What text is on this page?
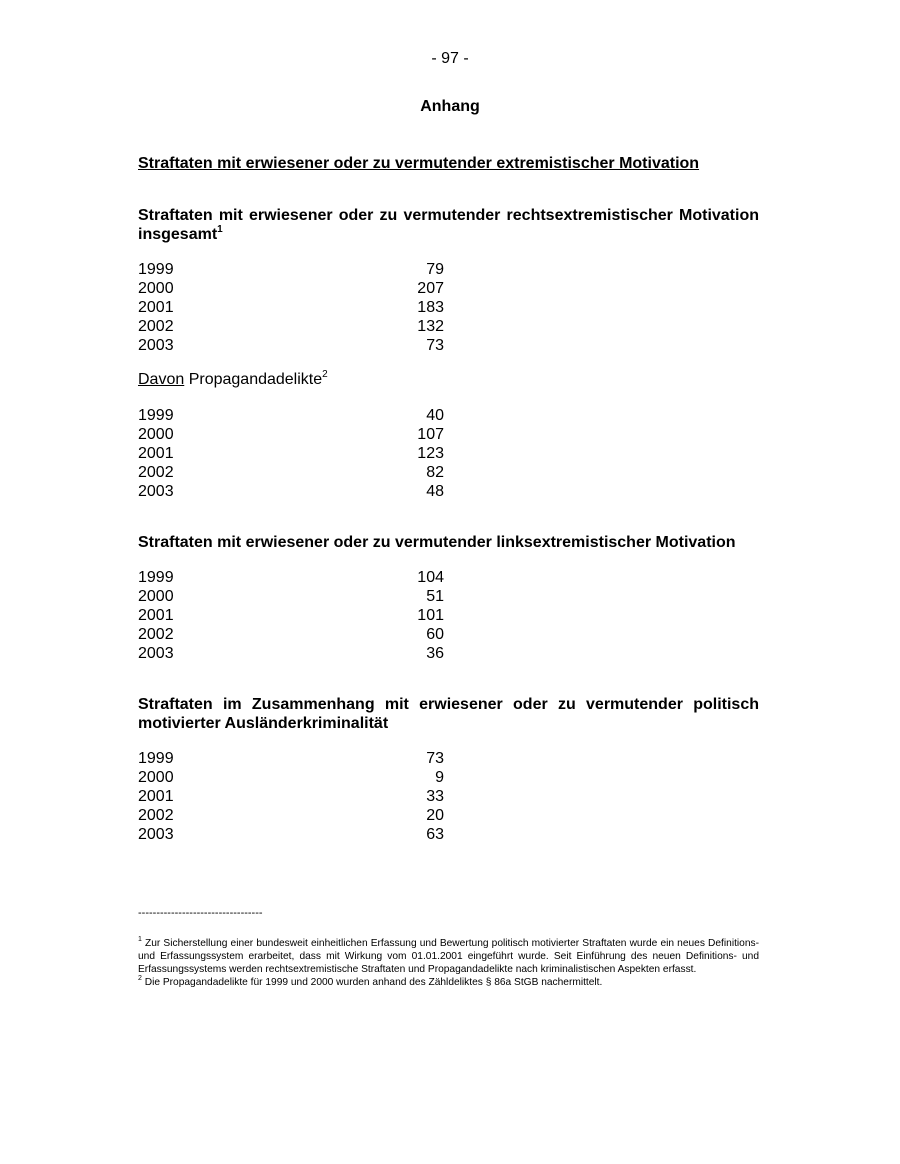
- 97 -
Anhang
Straftaten mit erwiesener oder zu vermutender extremistischer Motivation
Straftaten mit erwiesener oder zu vermutender rechtsextremistischer Motivation insgesamt$^1$
1999	79
2000	207
2001	183
2002	132
2003	73
Davon Propagandadelikte$^2$
1999	40
2000	107
2001	123
2002	82
2003	48
Straftaten mit erwiesener oder zu vermutender linksextremistischer Motivation
1999	104
2000	51
2001	101
2002	60
2003	36
Straftaten im Zusammenhang mit erwiesener oder zu vermutender politisch motivierter Ausländerkriminalität
1999	73
2000	9
2001	33
2002	20
2003	63
----------------------------------

$^1$ Zur Sicherstellung einer bundesweit einheitlichen Erfassung und Bewertung politisch motivierter Straftaten wurde ein neues Definitions- und Erfassungssystem erarbeitet, dass mit Wirkung vom 01.01.2001 eingeführt wurde. Seit Einführung des neuen Definitions- und Erfassungssystems werden rechtsextremistische Straftaten und Propagandadelikte nach kriminalistischen Aspekten erfasst.

$^2$ Die Propagandadelikte für 1999 und 2000 wurden anhand des Zähldeliktes § 86a StGB nachermittelt.
